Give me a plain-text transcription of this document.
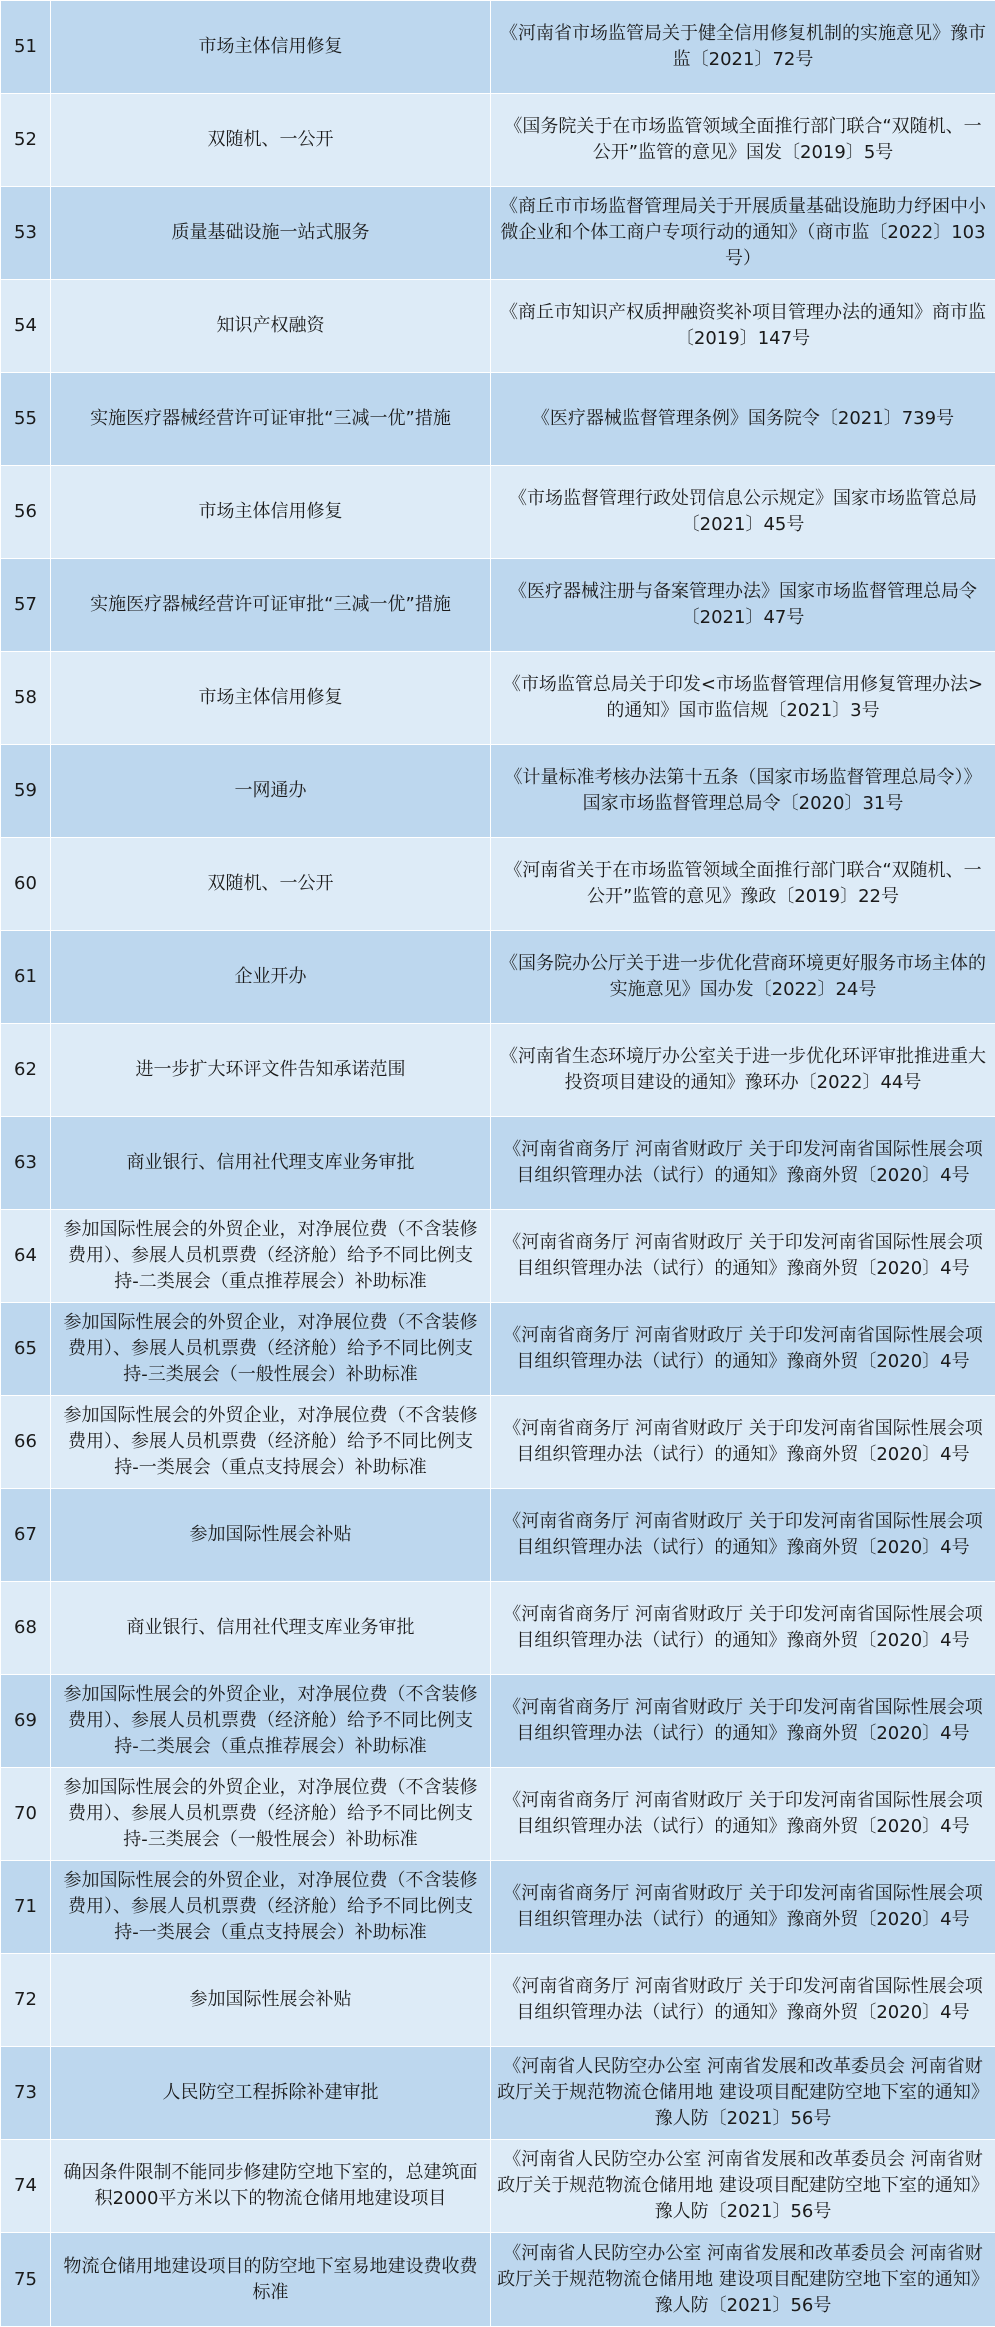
51	市场主体信用修复	《河南省市场监管局关于健全信用修复机制的实施意见》豫市监〔2021〕72号
52	双随机、一公开	《国务院关于在市场监管领域全面推行部门联合“双随机、一公开”监管的意见》国发〔2019〕5号
53	质量基础设施一站式服务	《商丘市市场监督管理局关于开展质量基础设施助力纾困中小微企业和个体工商户专项行动的通知》（商市监〔2022〕103号）
54	知识产权融资	《商丘市知识产权质押融资奖补项目管理办法的通知》商市监〔2019〕147号
55	实施医疗器械经营许可证审批“三减一优”措施	《医疗器械监督管理条例》国务院令〔2021〕739号
56	市场主体信用修复	《市场监督管理行政处罚信息公示规定》国家市场监管总局〔2021〕45号
57	实施医疗器械经营许可证审批“三减一优”措施	《医疗器械注册与备案管理办法》国家市场监督管理总局令〔2021〕47号
58	市场主体信用修复	《市场监管总局关于印发<市场监督管理信用修复管理办法>的通知》国市监信规〔2021〕3号
59	一网通办	《计量标准考核办法第十五条（国家市场监督管理总局令）》国家市场监督管理总局令〔2020〕31号
60	双随机、一公开	《河南省关于在市场监管领域全面推行部门联合“双随机、一公开”监管的意见》豫政〔2019〕22号
61	企业开办	《国务院办公厅关于进一步优化营商环境更好服务市场主体的实施意见》国办发〔2022〕24号
62	进一步扩大环评文件告知承诺范围	《河南省生态环境厅办公室关于进一步优化环评审批推进重大投资项目建设的通知》豫环办〔2022〕44号
63	商业银行、信用社代理支库业务审批	《河南省商务厅 河南省财政厅 关于印发河南省国际性展会项目组织管理办法（试行）的通知》豫商外贸〔2020〕4号
64	参加国际性展会的外贸企业，对净展位费（不含装修费用）、参展人员机票费（经济舱）给予不同比例支持-二类展会（重点推荐展会）补助标准	《河南省商务厅 河南省财政厅 关于印发河南省国际性展会项目组织管理办法（试行）的通知》豫商外贸〔2020〕4号
65	参加国际性展会的外贸企业，对净展位费（不含装修费用）、参展人员机票费（经济舱）给予不同比例支持-三类展会（一般性展会）补助标准	《河南省商务厅 河南省财政厅 关于印发河南省国际性展会项目组织管理办法（试行）的通知》豫商外贸〔2020〕4号
66	参加国际性展会的外贸企业，对净展位费（不含装修费用）、参展人员机票费（经济舱）给予不同比例支持-一类展会（重点支持展会）补助标准	《河南省商务厅 河南省财政厅 关于印发河南省国际性展会项目组织管理办法（试行）的通知》豫商外贸〔2020〕4号
67	参加国际性展会补贴	《河南省商务厅 河南省财政厅 关于印发河南省国际性展会项目组织管理办法（试行）的通知》豫商外贸〔2020〕4号
68	商业银行、信用社代理支库业务审批	《河南省商务厅 河南省财政厅 关于印发河南省国际性展会项目组织管理办法（试行）的通知》豫商外贸〔2020〕4号
69	参加国际性展会的外贸企业，对净展位费（不含装修费用）、参展人员机票费（经济舱）给予不同比例支持-二类展会（重点推荐展会）补助标准	《河南省商务厅 河南省财政厅 关于印发河南省国际性展会项目组织管理办法（试行）的通知》豫商外贸〔2020〕4号
70	参加国际性展会的外贸企业，对净展位费（不含装修费用）、参展人员机票费（经济舱）给予不同比例支持-三类展会（一般性展会）补助标准	《河南省商务厅 河南省财政厅 关于印发河南省国际性展会项目组织管理办法（试行）的通知》豫商外贸〔2020〕4号
71	参加国际性展会的外贸企业，对净展位费（不含装修费用）、参展人员机票费（经济舱）给予不同比例支持-一类展会（重点支持展会）补助标准	《河南省商务厅 河南省财政厅 关于印发河南省国际性展会项目组织管理办法（试行）的通知》豫商外贸〔2020〕4号
72	参加国际性展会补贴	《河南省商务厅 河南省财政厅 关于印发河南省国际性展会项目组织管理办法（试行）的通知》豫商外贸〔2020〕4号
73	人民防空工程拆除补建审批	《河南省人民防空办公室 河南省发展和改革委员会 河南省财政厅关于规范物流仓储用地 建设项目配建防空地下室的通知》豫人防〔2021〕56号
74	确因条件限制不能同步修建防空地下室的，总建筑面积2000平方米以下的物流仓储用地建设项目	《河南省人民防空办公室 河南省发展和改革委员会 河南省财政厅关于规范物流仓储用地 建设项目配建防空地下室的通知》豫人防〔2021〕56号
75	物流仓储用地建设项目的防空地下室易地建设费收费标准	《河南省人民防空办公室 河南省发展和改革委员会 河南省财政厅关于规范物流仓储用地 建设项目配建防空地下室的通知》豫人防〔2021〕56号
